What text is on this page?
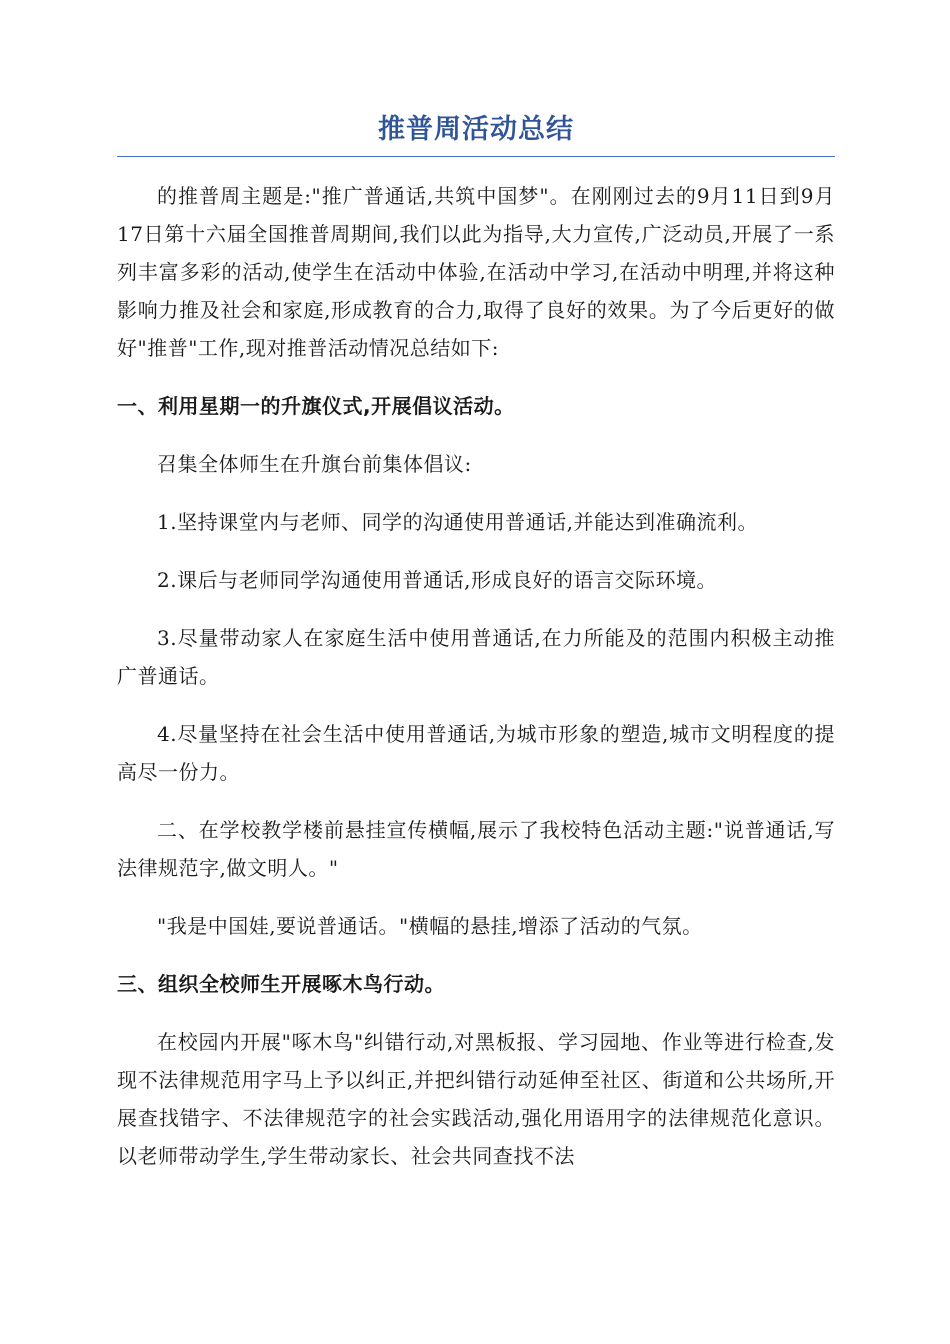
推普周活动总结

的推普周主题是:"推广普通话,共筑中国梦"。在刚刚过去的9月11日到9月17日第十六届全国推普周期间,我们以此为指导,大力宣传,广泛动员,开展了一系列丰富多彩的活动,使学生在活动中体验,在活动中学习,在活动中明理,并将这种影响力推及社会和家庭,形成教育的合力,取得了良好的效果。为了今后更好的做好"推普"工作,现对推普活动情况总结如下:

一、利用星期一的升旗仪式,开展倡议活动。

召集全体师生在升旗台前集体倡议:

1.坚持课堂内与老师、同学的沟通使用普通话,并能达到准确流利。

2.课后与老师同学沟通使用普通话,形成良好的语言交际环境。

3.尽量带动家人在家庭生活中使用普通话,在力所能及的范围内积极主动推广普通话。

4.尽量坚持在社会生活中使用普通话,为城市形象的塑造,城市文明程度的提高尽一份力。

二、在学校教学楼前悬挂宣传横幅,展示了我校特色活动主题:"说普通话,写法律规范字,做文明人。"

"我是中国娃,要说普通话。"横幅的悬挂,增添了活动的气氛。

三、组织全校师生开展啄木鸟行动。

在校园内开展"啄木鸟"纠错行动,对黑板报、学习园地、作业等进行检查,发现不法律规范用字马上予以纠正,并把纠错行动延伸至社区、街道和公共场所,开展查找错字、不法律规范字的社会实践活动,强化用语用字的法律规范化意识。以老师带动学生,学生带动家长、社会共同查找不法
